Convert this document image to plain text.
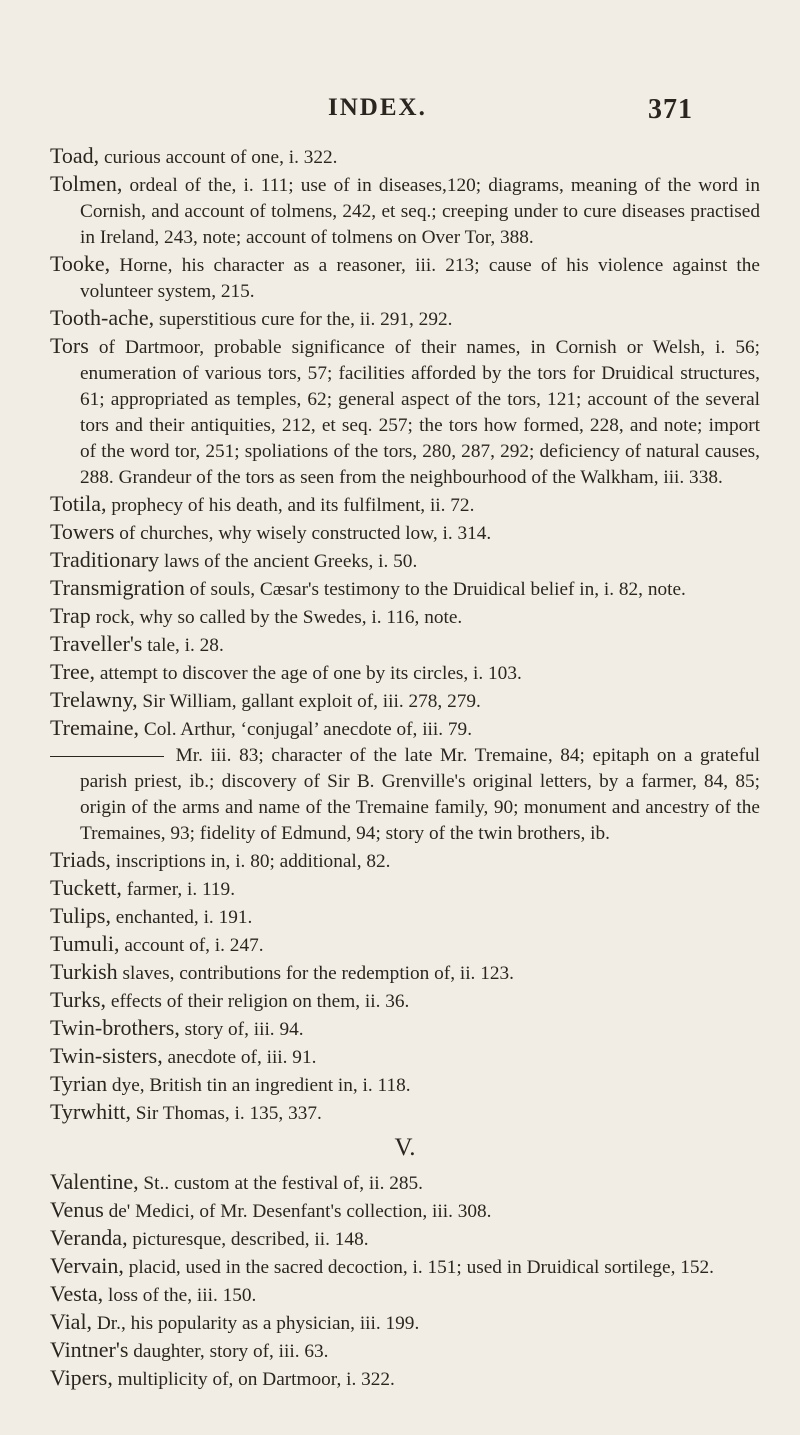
INDEX.	371
Toad, curious account of one, i. 322.
Tolmen, ordeal of the, i. 111; use of in diseases,120; diagrams, meaning of the word in Cornish, and account of tolmens, 242, et seq.; creeping under to cure diseases practised in Ireland, 243, note; account of tolmens on Over Tor, 388.
Tooke, Horne, his character as a reasoner, iii. 213; cause of his violence against the volunteer system, 215.
Tooth-ache, superstitious cure for the, ii. 291, 292.
Tors of Dartmoor, probable significance of their names, in Cornish or Welsh, i. 56; enumeration of various tors, 57; facilities afforded by the tors for Druidical structures, 61; appropriated as temples, 62; general aspect of the tors, 121; account of the several tors and their antiquities, 212, et seq. 257; the tors how formed, 228, and note; import of the word tor, 251; spoliations of the tors, 280, 287, 292; deficiency of natural causes, 288. Grandeur of the tors as seen from the neighbourhood of the Walkham, iii. 338.
Totila, prophecy of his death, and its fulfilment, ii. 72.
Towers of churches, why wisely constructed low, i. 314.
Traditionary laws of the ancient Greeks, i. 50.
Transmigration of souls, Cæsar's testimony to the Druidical belief in, i. 82, note.
Trap rock, why so called by the Swedes, i. 116, note.
Traveller's tale, i. 28.
Tree, attempt to discover the age of one by its circles, i. 103.
Trelawny, Sir William, gallant exploit of, iii. 278, 279.
Tremaine, Col. Arthur, ‘conjugal’ anecdote of, iii. 79.
Mr. iii. 83; character of the late Mr. Tremaine, 84; epitaph on a grateful parish priest, ib.; discovery of Sir B. Grenville's original letters, by a farmer, 84, 85; origin of the arms and name of the Tremaine family, 90; monument and ancestry of the Tremaines, 93; fidelity of Edmund, 94; story of the twin brothers, ib.
Triads, inscriptions in, i. 80; additional, 82.
Tuckett, farmer, i. 119.
Tulips, enchanted, i. 191.
Tumuli, account of, i. 247.
Turkish slaves, contributions for the redemption of, ii. 123.
Turks, effects of their religion on them, ii. 36.
Twin-brothers, story of, iii. 94.
Twin-sisters, anecdote of, iii. 91.
Tyrian dye, British tin an ingredient in, i. 118.
Tyrwhitt, Sir Thomas, i. 135, 337.
V.
Valentine, St.. custom at the festival of, ii. 285.
Venus de' Medici, of Mr. Desenfant's collection, iii. 308.
Veranda, picturesque, described, ii. 148.
Vervain, placid, used in the sacred decoction, i. 151; used in Druidical sortilege, 152.
Vesta, loss of the, iii. 150.
Vial, Dr., his popularity as a physician, iii. 199.
Vintner's daughter, story of, iii. 63.
Vipers, multiplicity of, on Dartmoor, i. 322.
